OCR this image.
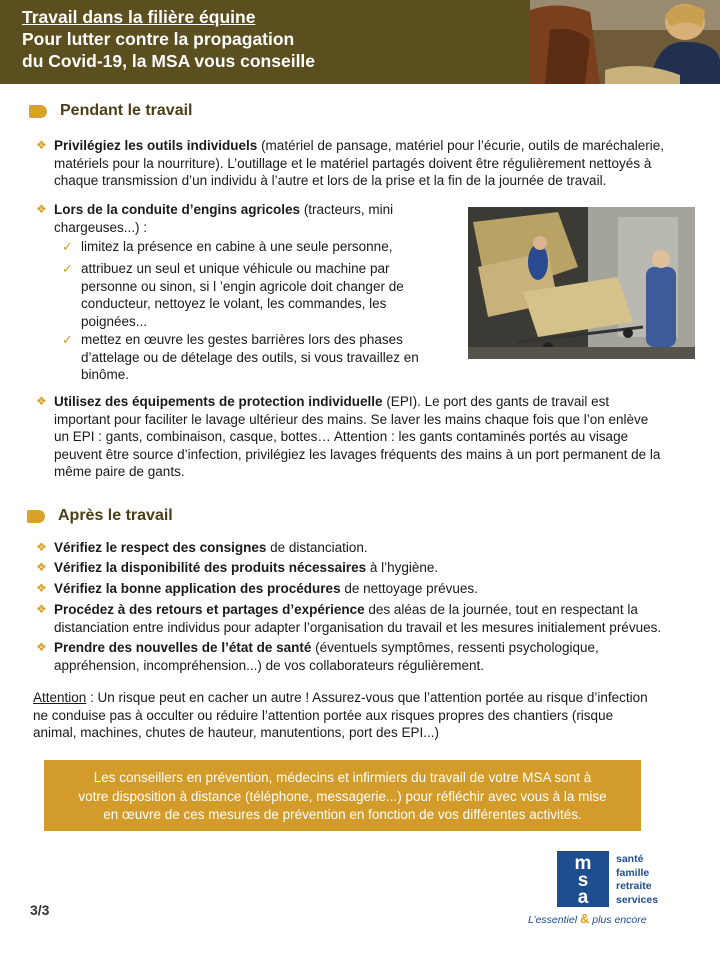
Travail dans la filière équine
Pour lutter contre la propagation
du Covid-19, la MSA vous conseille
Pendant le travail
❖ Privilégiez les outils individuels (matériel de pansage, matériel pour l’écurie, outils de maréchalerie,
matériels pour la nourriture). L’outillage et le matériel partagés doivent être régulièrement nettoyés à
chaque transmission d’un individu à l’autre et lors de la prise et la fin de la journée de travail.
❖ Lors de la conduite d’engins agricoles (tracteurs, mini
chargeuses...) :
✓ limitez la présence en cabine à une seule personne,
✓ attribuez un seul et unique véhicule ou machine par
personne ou sinon, si l ’engin agricole doit changer de
conducteur, nettoyez le volant, les commandes, les
poignées...
✓ mettez en œuvre les gestes barrières lors des phases
d’attelage ou de dételage des outils, si vous travaillez en
binôme.
❖ Utilisez des équipements de protection individuelle (EPI). Le port des gants de travail est
important pour faciliter le lavage ultérieur des mains. Se laver les mains chaque fois que l’on enlève
un EPI : gants, combinaison, casque, bottes… Attention : les gants contaminés portés au visage
peuvent être source d’infection, privilégiez les lavages fréquents des mains à un port permanent de la
même paire de gants.
Après le travail
❖ Vérifiez le respect des consignes de distanciation.
❖ Vérifiez la disponibilité des produits nécessaires à l’hygiène.
❖ Vérifiez la bonne application des procédures de nettoyage prévues.
❖ Procédez à des retours et partages d’expérience des aléas de la journée, tout en respectant la
distanciation entre individus pour adapter l’organisation du travail et les mesures initialement prévues.
❖ Prendre des nouvelles de l’état de santé (éventuels symptômes, ressenti psychologique,
appréhension, incompréhension...) de vos collaborateurs régulièrement.
Attention : Un risque peut en cacher un autre ! Assurez-vous que l’attention portée au risque d’infection
ne conduise pas à occulter ou réduire l’attention portée aux risques propres des chantiers (risque
animal, machines, chutes de hauteur, manutentions, port des EPI...)
Les conseillers en prévention, médecins et infirmiers du travail de votre MSA sont à
votre disposition à distance (téléphone, messagerie...) pour réfléchir avec vous à la mise
en œuvre de ces mesures de prévention en fonction de vos différentes activités.
3/3
m
s
a
santé
famille
retraite
services
L’essentiel & plus encore
